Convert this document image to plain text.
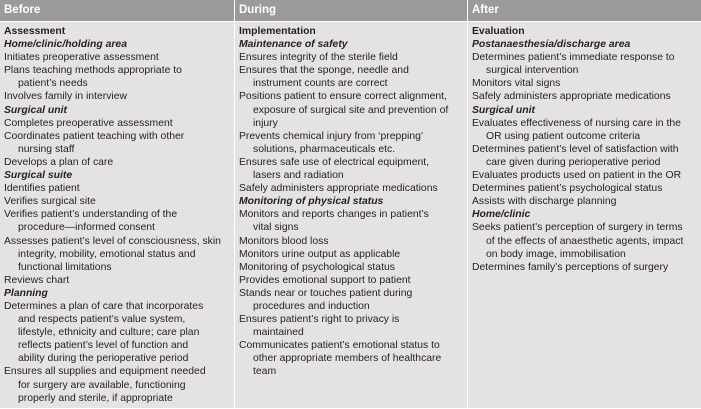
Before	During	After
Assessment
Home/clinic/holding area
Initiates preoperative assessment
Plans teaching methods appropriate to
patient’s needs
Involves family in interview
Surgical unit
Completes preoperative assessment
Coordinates patient teaching with other
nursing staff
Develops a plan of care
Surgical suite
Identifies patient
Verifies surgical site
Verifies patient’s understanding of the
procedure—informed consent
Assesses patient’s level of consciousness, skin
integrity, mobility, emotional status and
functional limitations
Reviews chart
Planning
Determines a plan of care that incorporates
and respects patient’s value system,
lifestyle, ethnicity and culture; care plan
reflects patient’s level of function and
ability during the perioperative period
Ensures all supplies and equipment needed
for surgery are available, functioning
properly and sterile, if appropriate
Implementation
Maintenance of safety
Ensures integrity of the sterile field
Ensures that the sponge, needle and
instrument counts are correct
Positions patient to ensure correct alignment,
exposure of surgical site and prevention of
injury
Prevents chemical injury from ‘prepping’
solutions, pharmaceuticals etc.
Ensures safe use of electrical equipment,
lasers and radiation
Safely administers appropriate medications
Monitoring of physical status
Monitors and reports changes in patient’s
vital signs
Monitors blood loss
Monitors urine output as applicable
Monitoring of psychological status
Provides emotional support to patient
Stands near or touches patient during
procedures and induction
Ensures patient’s right to privacy is
maintained
Communicates patient’s emotional status to
other appropriate members of healthcare
team
Evaluation
Postanaesthesia/discharge area
Determines patient’s immediate response to
surgical intervention
Monitors vital signs
Safely administers appropriate medications
Surgical unit
Evaluates effectiveness of nursing care in the
OR using patient outcome criteria
Determines patient’s level of satisfaction with
care given during perioperative period
Evaluates products used on patient in the OR
Determines patient’s psychological status
Assists with discharge planning
Home/clinic
Seeks patient’s perception of surgery in terms
of the effects of anaesthetic agents, impact
on body image, immobilisation
Determines family’s perceptions of surgery
